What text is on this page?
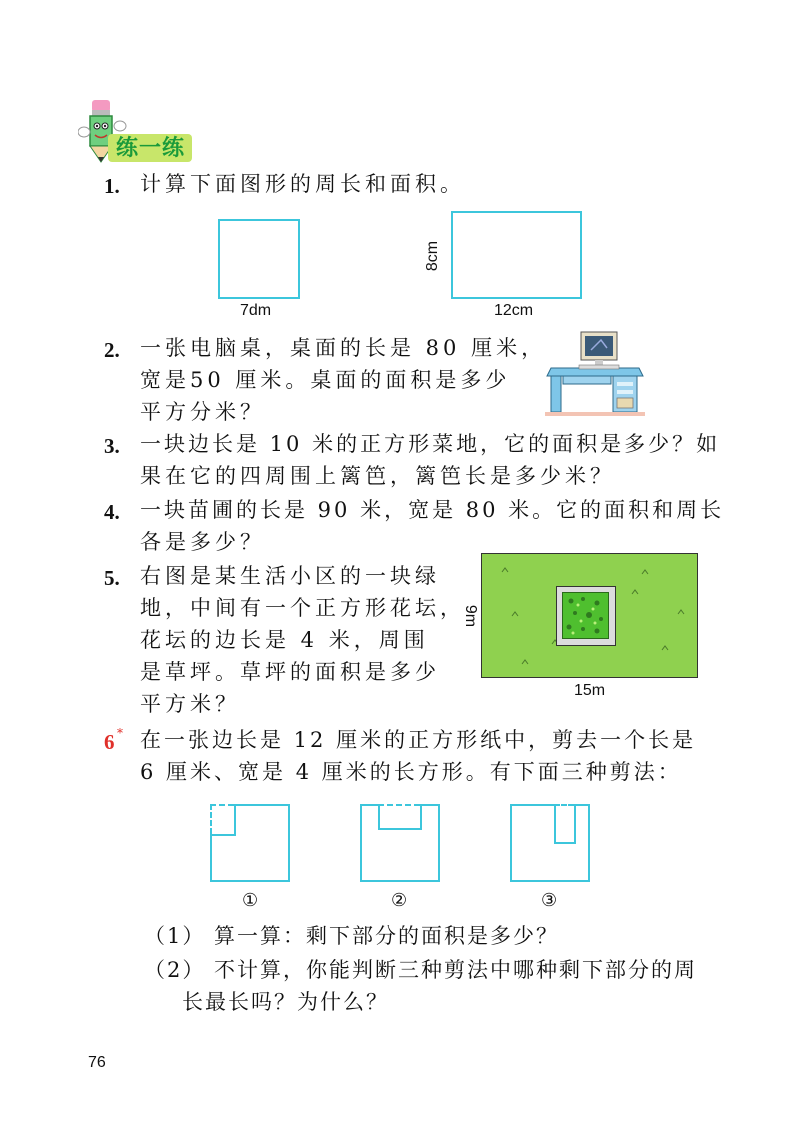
练一练
1. 计算下面图形的周长和面积。
7dm	12cm
8cm
2. 一张电脑桌，桌面的长是 80 厘米，
宽是50 厘米。桌面的面积是多少
平方分米？
3. 一块边长是 10 米的正方形菜地，它的面积是多少？如
果在它的四周围上篱笆，篱笆长是多少米？
4. 一块苗圃的长是 90 米，宽是 80 米。它的面积和周长
各是多少？
5. 右图是某生活小区的一块绿
地，中间有一个正方形花坛，
花坛的边长是 4 米，周围
是草坪。草坪的面积是多少
平方米？
9m
15m
6 * 在一张边长是 12 厘米的正方形纸中，剪去一个长是
6 厘米、宽是 4 厘米的长方形。有下面三种剪法：
①	②	③
（1） 算一算：剩下部分的面积是多少？
（2） 不计算，你能判断三种剪法中哪种剩下部分的周
长最长吗？为什么？
76
